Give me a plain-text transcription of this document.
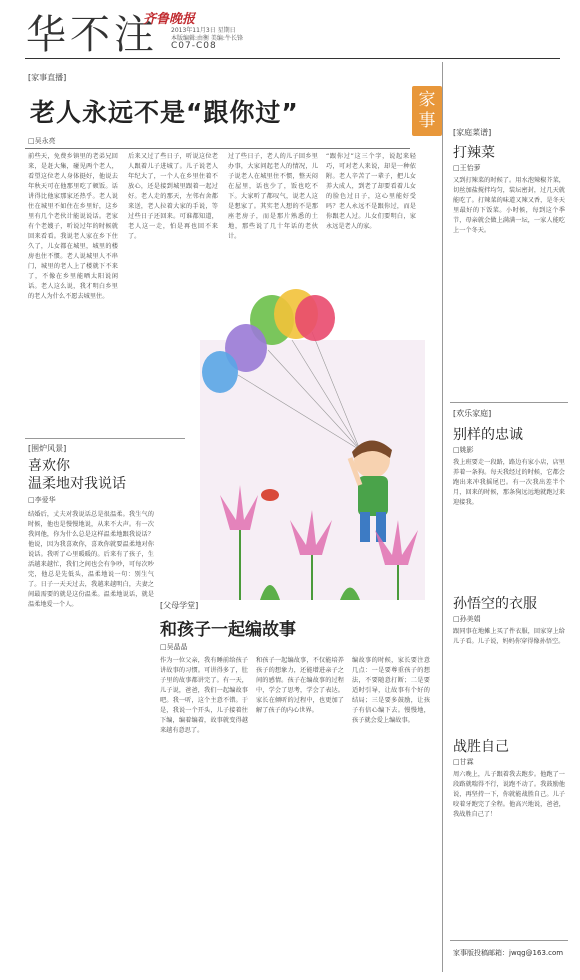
华不注
齐鲁晚报
2013年11月3日 星期日
本版编辑:由衡 美编:牛长锋
C07-C08
[家事直播]
老人永远不是“跟你过”
□吴永亮
家事
前些天，免费乡镇里的老弟兄回来，是赶大集，碰见两个老人，看望这位老人身体挺好，他说去年秋天可在他那里吃了顿饭。话讲得比他家那家还热乎。老人说住在城里不如住在乡里好，这乡里有几个老伙计能说说话。老家有个老嫂子，听说过年的时候就回来看看。我说老人家在乡下住久了，儿女都在城里，城里的楼房也住不惯。老人说城里人不串门，城里的老人上了楼就下不来了，不像在乡里能晒太阳说闲话。老人这么说，我才明白乡里的老人为什么不愿去城里住。
后来又过了些日子，听说这位老人跟着儿子进城了。儿子说老人年纪大了，一个人在乡里住着不放心，还是接到城里跟着一起过好。老人走的那天，左邻右舍都来送，老人拉着大家的手说，等过些日子还回来。可谁都知道，老人这一走，怕是再也回不来了。
过了些日子，老人的儿子回乡里办事，大家问起老人的情况，儿子说老人在城里住不惯，整天闷在屋里，话也少了，饭也吃不下。大家听了都叹气，说老人这是想家了。其实老人想的不是那座老房子，而是那片熟悉的土地，那些说了几十年话的老伙计。
“跟你过”这三个字，说起来轻巧，可对老人来说，却是一种依附。老人辛苦了一辈子，把儿女养大成人，到老了却要看着儿女的脸色过日子，这心里能好受吗？老人永远不是跟你过，而是你跟老人过。儿女们要明白，家永远是老人的家。
[围炉风景]
喜欢你
温柔地对我说话
□李爱华
结婚后，丈夫对我说话总是很温柔。我生气的时候，他也是慢慢地说，从来不大声。有一次我问他，你为什么总是这样温柔地跟我说话？他说，因为我喜欢你，喜欢你就要温柔地对你说话。我听了心里暖暖的。后来有了孩子，生活越来越忙，我们之间也会有争吵，可每次吵完，他总是先低头，温柔地说一句：别生气了。日子一天天过去，我越来越明白，夫妻之间最需要的就是这份温柔。温柔地说话，就是温柔地爱一个人。	[父母学堂]
和孩子一起编故事
□吴晶晶
作为一位父亲，我有睡前给孩子讲故事的习惯。可讲得多了，肚子里的故事都讲完了。有一天，儿子说，爸爸，我们一起编故事吧。我一听，这个主意不错。于是，我说一个开头，儿子接着往下编，编着编着，故事就变得越来越有意思了。
和孩子一起编故事，不仅能培养孩子的想象力，还能增进亲子之间的感情。孩子在编故事的过程中，学会了思考，学会了表达。家长在倾听的过程中，也更加了解了孩子的内心世界。
编故事的时候，家长要注意几点：一是要尊重孩子的想法，不要随意打断；二是要适时引导，让故事有个好的结局；三是要多鼓励，让孩子有信心编下去。慢慢地，孩子就会爱上编故事。
[家庭菜谱]
打辣菜
□王怡萝
又到打辣菜的时候了。用水泡辣椒芥菜，切丝加盐搅拌均匀，装坛密封，过几天就能吃了。打辣菜的味道又辣又香，是冬天里最好的下饭菜。小时候，每到这个季节，母亲就会做上满满一坛，一家人能吃上一个冬天。
[欢乐家庭]
别样的忠诚
□姚影
我上班要走一段路，路边有家小店，店里养着一条狗。每天我经过的时候，它都会跑出来冲我摇尾巴。有一次我出差半个月，回来的时候，那条狗远远地就跑过来迎接我。
孙悟空的衣服
□孙美娟
跟同事在地摊上买了件衣服，回家穿上给儿子看。儿子说，妈妈你穿得像孙悟空。
战胜自己
□甘霖
周六晚上，儿子跟着我去跑步。他跑了一段路就喘得不行，说跑不动了。我鼓励他说，再坚持一下，你就能战胜自己。儿子咬着牙跑完了全程。他高兴地说，爸爸，我战胜自己了！
家事版投稿邮箱：jwqg@163.com
